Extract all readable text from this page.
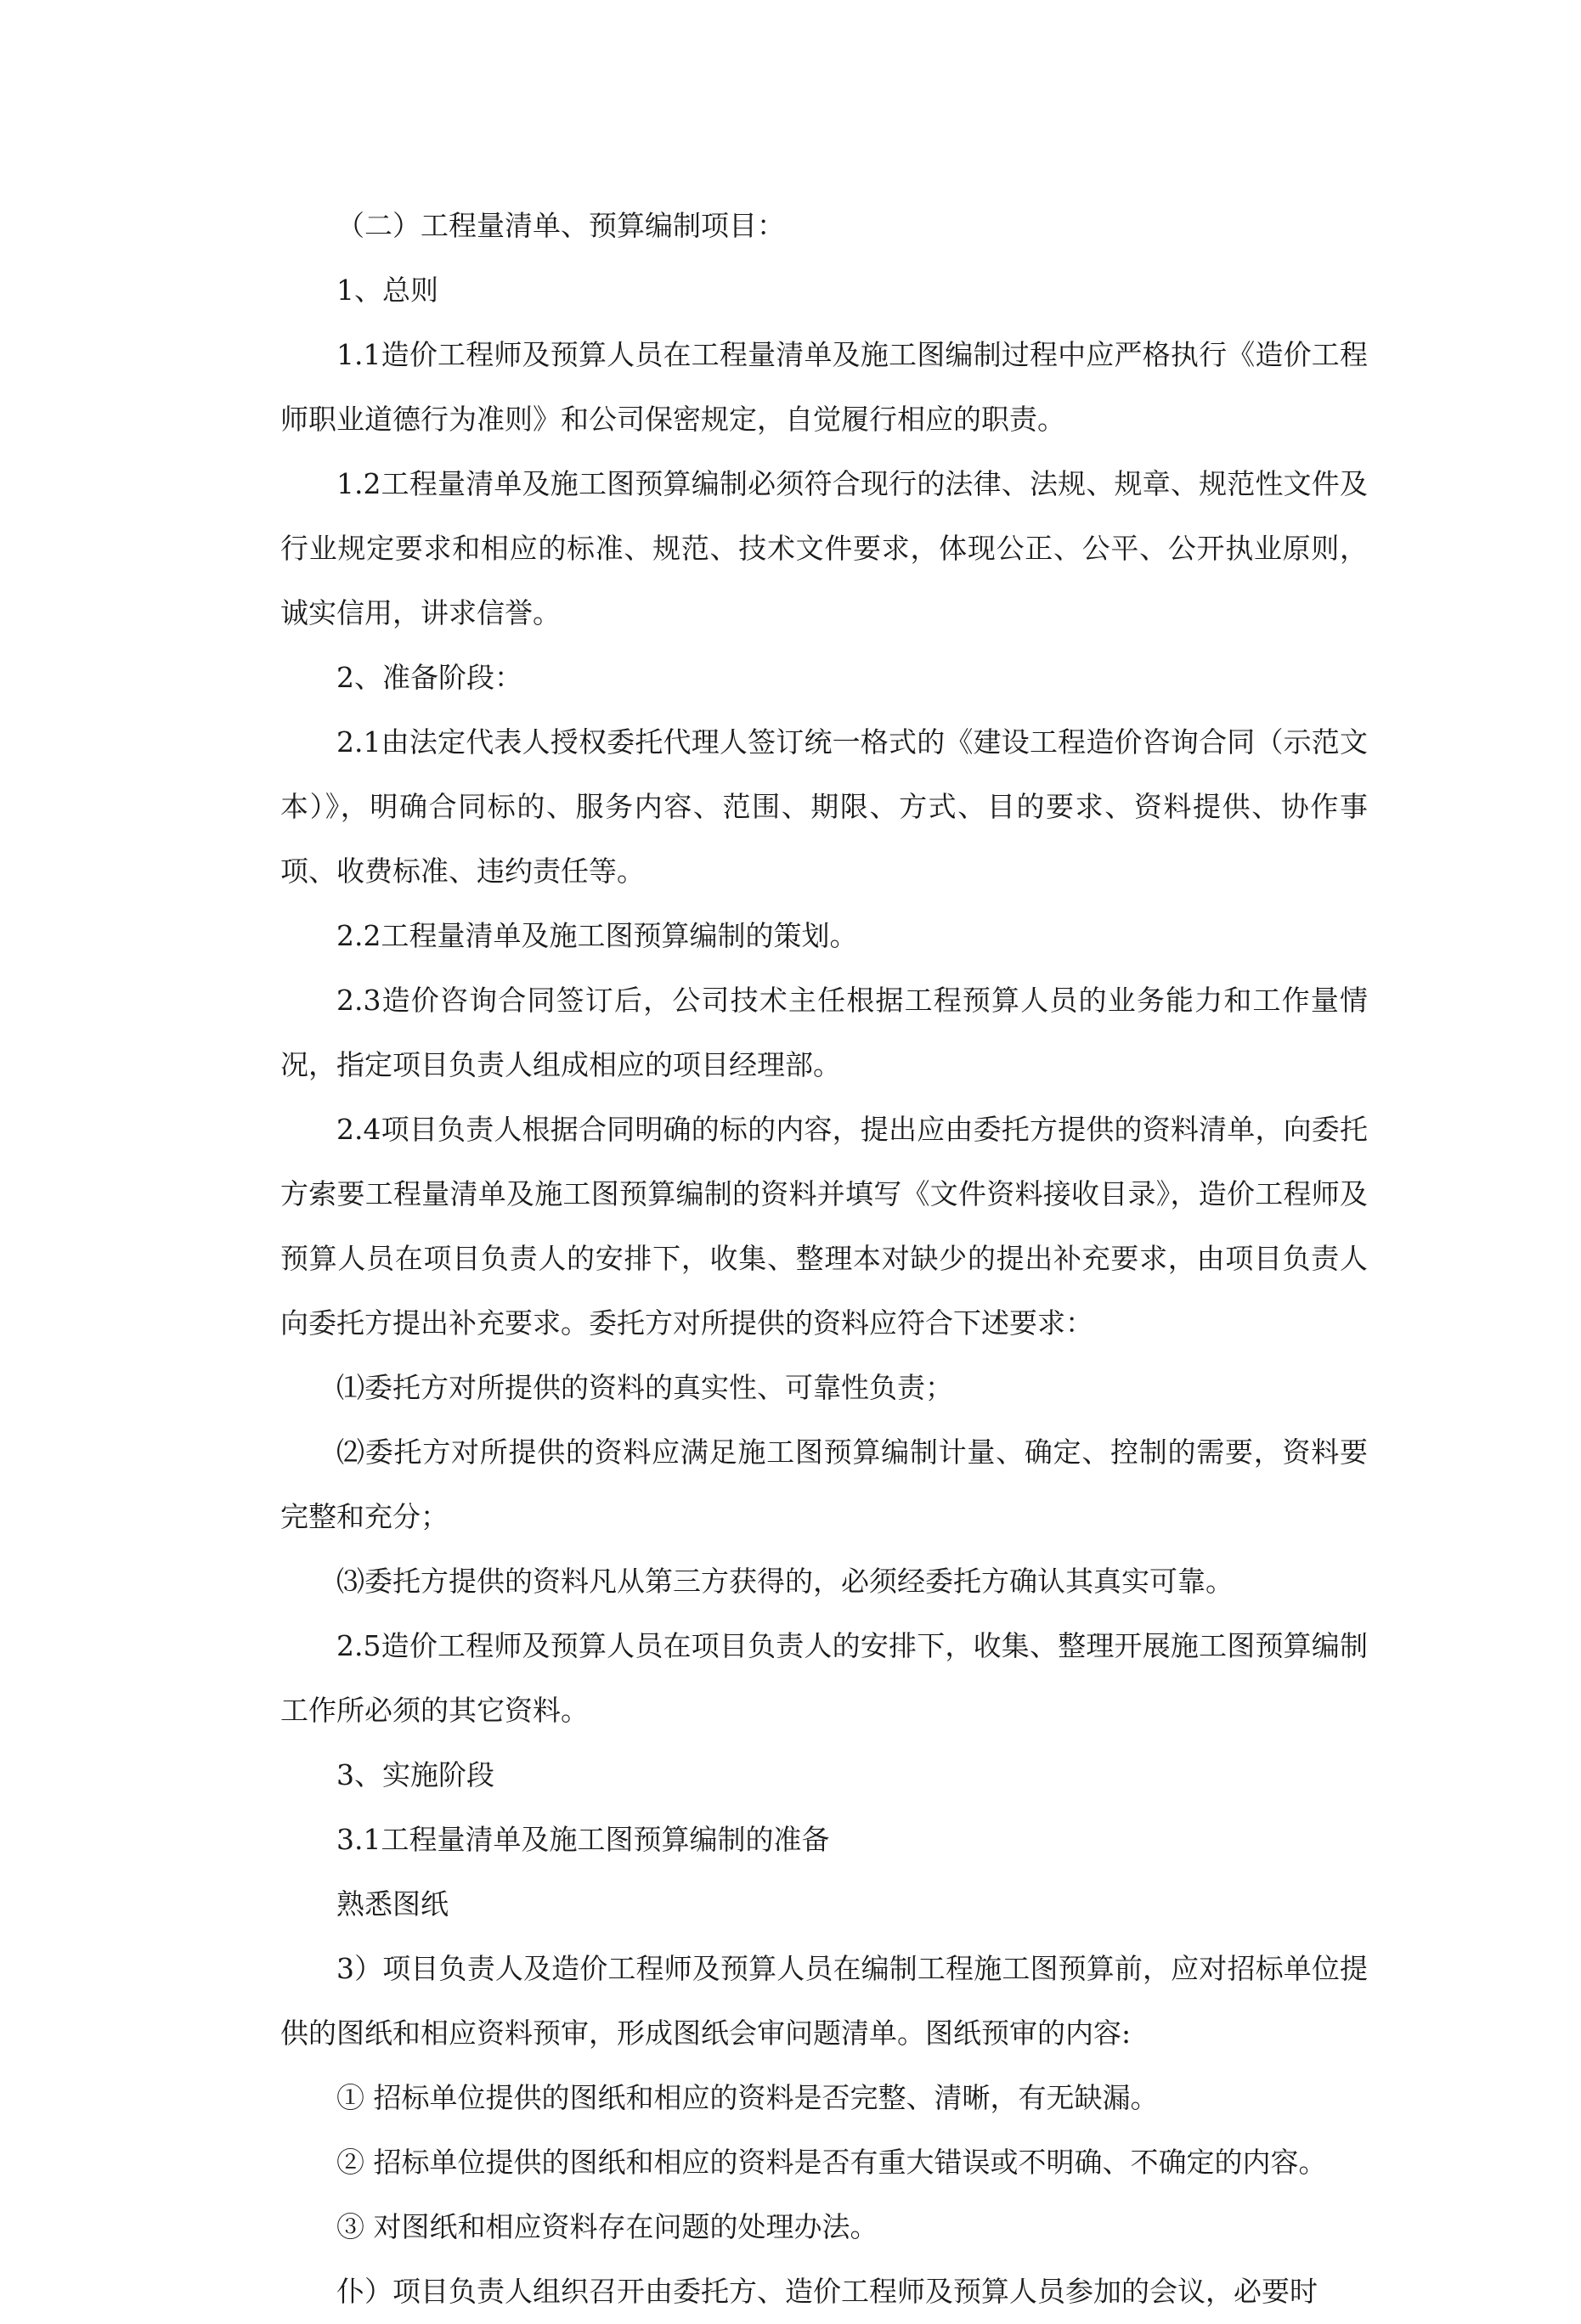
（二）工程量清单、预算编制项目：

1、总则

1.1造价工程师及预算人员在工程量清单及施工图编制过程中应严格执行《造价工程师职业道德行为准则》和公司保密规定，自觉履行相应的职责。

1.2工程量清单及施工图预算编制必须符合现行的法律、法规、规章、规范性文件及行业规定要求和相应的标准、规范、技术文件要求，体现公正、公平、公开执业原则，诚实信用，讲求信誉。

2、准备阶段：

2.1由法定代表人授权委托代理人签订统一格式的《建设工程造价咨询合同（示范文本）》，明确合同标的、服务内容、范围、期限、方式、目的要求、资料提供、协作事项、收费标准、违约责任等。

2.2工程量清单及施工图预算编制的策划。

2.3造价咨询合同签订后，公司技术主任根据工程预算人员的业务能力和工作量情况，指定项目负责人组成相应的项目经理部。

2.4项目负责人根据合同明确的标的内容，提出应由委托方提供的资料清单，向委托方索要工程量清单及施工图预算编制的资料并填写《文件资料接收目录》，造价工程师及预算人员在项目负责人的安排下，收集、整理本对缺少的提出补充要求，由项目负责人向委托方提出补充要求。委托方对所提供的资料应符合下述要求：

⑴委托方对所提供的资料的真实性、可靠性负责；

⑵委托方对所提供的资料应满足施工图预算编制计量、确定、控制的需要，资料要完整和充分；

⑶委托方提供的资料凡从第三方获得的，必须经委托方确认其真实可靠。

2.5造价工程师及预算人员在项目负责人的安排下，收集、整理开展施工图预算编制工作所必须的其它资料。

3、实施阶段

3.1工程量清单及施工图预算编制的准备

熟悉图纸

3）项目负责人及造价工程师及预算人员在编制工程施工图预算前，应对招标单位提供的图纸和相应资料预审，形成图纸会审问题清单。图纸预审的内容:

① 招标单位提供的图纸和相应的资料是否完整、清晰，有无缺漏。

② 招标单位提供的图纸和相应的资料是否有重大错误或不明确、不确定的内容。

③ 对图纸和相应资料存在问题的处理办法。

仆）项目负责人组织召开由委托方、造价工程师及预算人员参加的会议，必要时
